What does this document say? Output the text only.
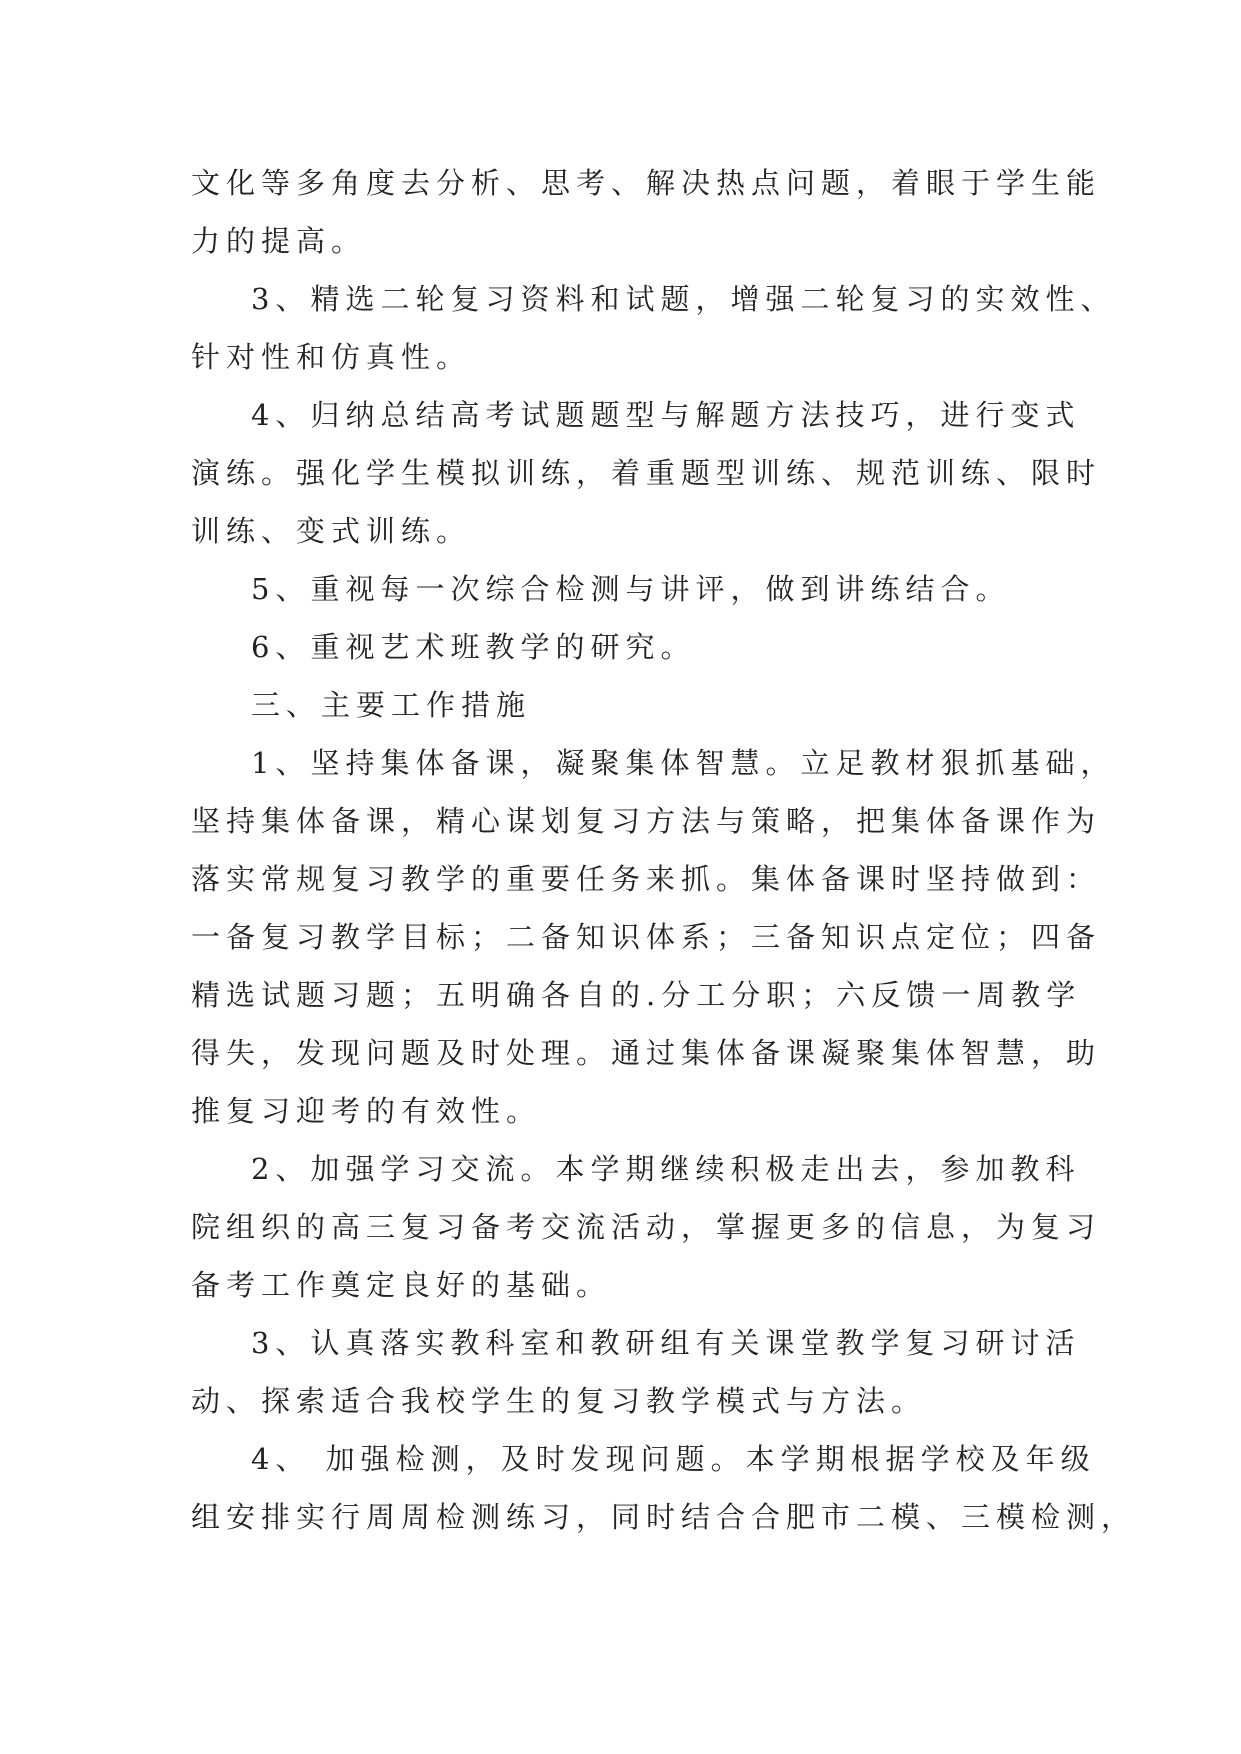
文化等多角度去分析、思考、解决热点问题，着眼于学生能
力的提高。
3、精选二轮复习资料和试题，增强二轮复习的实效性、
针对性和仿真性。
4、归纳总结高考试题题型与解题方法技巧，进行变式
演练。强化学生模拟训练，着重题型训练、规范训练、限时
训练、变式训练。
5、重视每一次综合检测与讲评，做到讲练结合。
6、重视艺术班教学的研究。
三、主要工作措施
1、坚持集体备课，凝聚集体智慧。立足教材狠抓基础，
坚持集体备课，精心谋划复习方法与策略，把集体备课作为
落实常规复习教学的重要任务来抓。集体备课时坚持做到：
一备复习教学目标；二备知识体系；三备知识点定位；四备
精选试题习题；五明确各自的.分工分职；六反馈一周教学
得失，发现问题及时处理。通过集体备课凝聚集体智慧，助
推复习迎考的有效性。
2、加强学习交流。本学期继续积极走出去，参加教科
院组织的高三复习备考交流活动，掌握更多的信息，为复习
备考工作奠定良好的基础。
3、认真落实教科室和教研组有关课堂教学复习研讨活
动、探索适合我校学生的复习教学模式与方法。
4、 加强检测，及时发现问题。本学期根据学校及年级
组安排实行周周检测练习，同时结合合肥市二模、三模检测，
